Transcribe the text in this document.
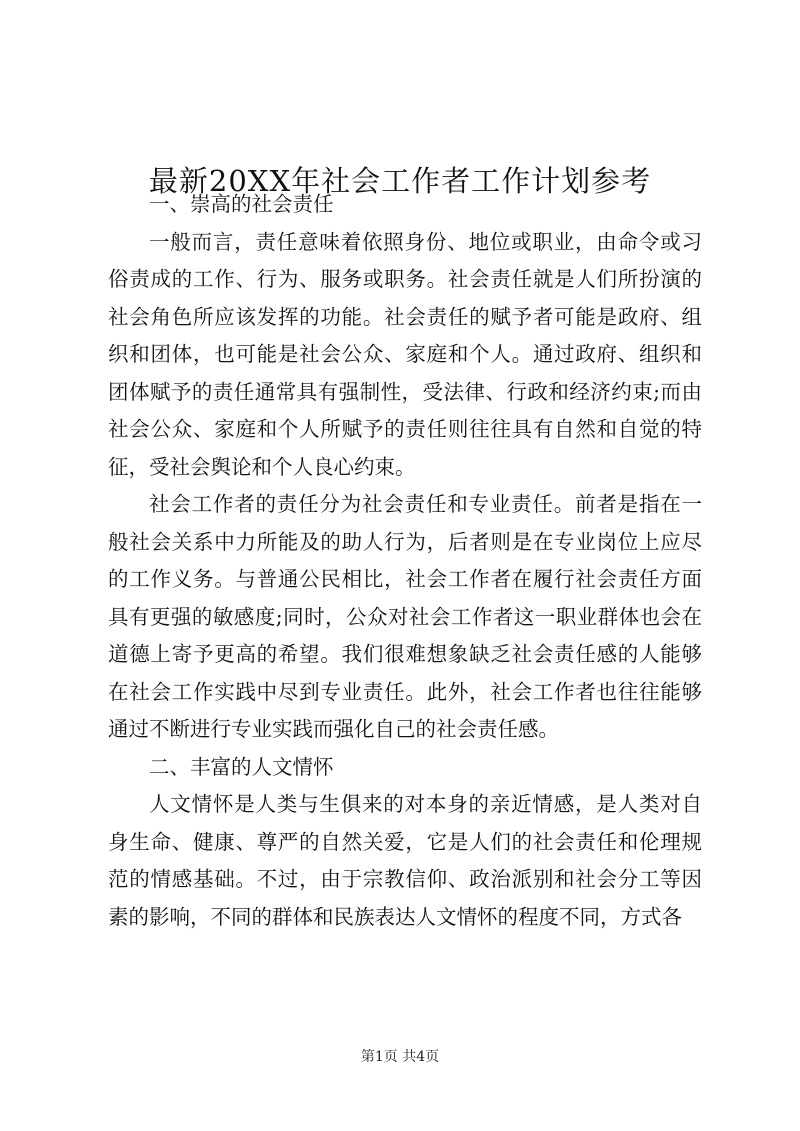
最新20XX年社会工作者工作计划参考

一、崇高的社会责任

一般而言，责任意味着依照身份、地位或职业，由命令或习俗责成的工作、行为、服务或职务。社会责任就是人们所扮演的社会角色所应该发挥的功能。社会责任的赋予者可能是政府、组织和团体，也可能是社会公众、家庭和个人。通过政府、组织和团体赋予的责任通常具有强制性，受法律、行政和经济约束;而由社会公众、家庭和个人所赋予的责任则往往具有自然和自觉的特征，受社会舆论和个人良心约束。

社会工作者的责任分为社会责任和专业责任。前者是指在一般社会关系中力所能及的助人行为，后者则是在专业岗位上应尽的工作义务。与普通公民相比，社会工作者在履行社会责任方面具有更强的敏感度;同时，公众对社会工作者这一职业群体也会在道德上寄予更高的希望。我们很难想象缺乏社会责任感的人能够在社会工作实践中尽到专业责任。此外，社会工作者也往往能够通过不断进行专业实践而强化自己的社会责任感。

二、丰富的人文情怀

人文情怀是人类与生俱来的对本身的亲近情感，是人类对自身生命、健康、尊严的自然关爱，它是人们的社会责任和伦理规范的情感基础。不过，由于宗教信仰、政治派别和社会分工等因素的影响，不同的群体和民族表达人文情怀的程度不同，方式各

第1页 共4页
